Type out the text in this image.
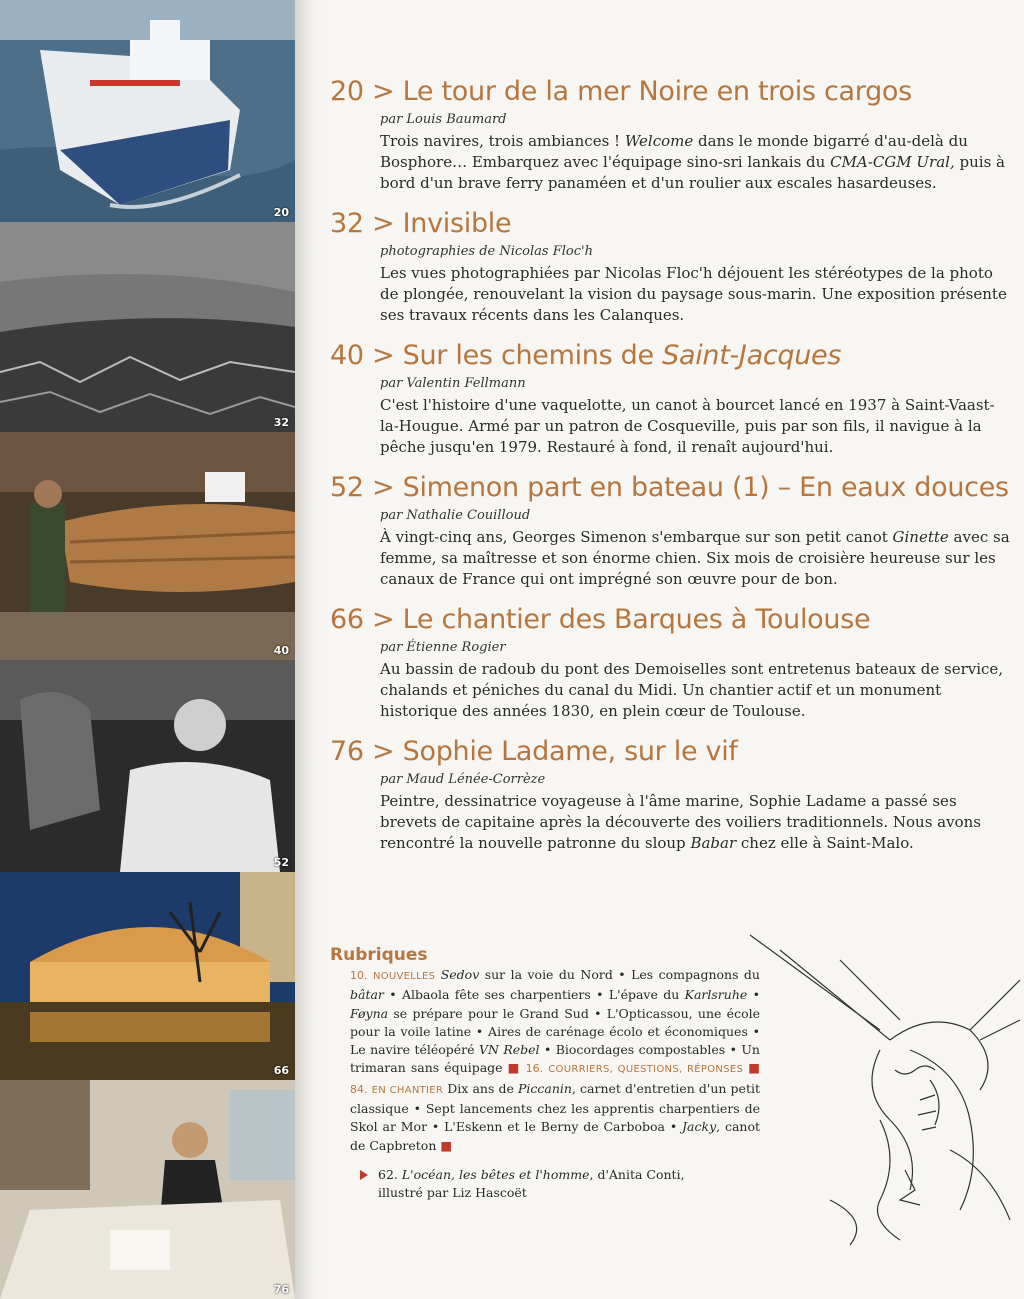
20
32
40
52
66
76
20 > Le tour de la mer Noire en trois cargos

par Louis Baumard

Trois navires, trois ambiances ! Welcome dans le monde bigarré d'au-delà du Bosphore… Embarquez avec l'équipage sino-sri lankais du CMA-CGM Ural, puis à bord d'un brave ferry panaméen et d'un roulier aux escales hasardeuses.

32 > Invisible

photographies de Nicolas Floc'h

Les vues photographiées par Nicolas Floc'h déjouent les stéréotypes de la photo de plongée, renouvelant la vision du paysage sous-marin. Une exposition présente ses travaux récents dans les Calanques.

40 > Sur les chemins de Saint-Jacques

par Valentin Fellmann

C'est l'histoire d'une vaquelotte, un canot à bourcet lancé en 1937 à Saint-Vaast-la-Hougue. Armé par un patron de Cosqueville, puis par son fils, il navigue à la pêche jusqu'en 1979. Restauré à fond, il renaît aujourd'hui.

52 > Simenon part en bateau (1) – En eaux douces

par Nathalie Couilloud

À vingt-cinq ans, Georges Simenon s'embarque sur son petit canot Ginette avec sa femme, sa maîtresse et son énorme chien. Six mois de croisière heureuse sur les canaux de France qui ont imprégné son œuvre pour de bon.

66 > Le chantier des Barques à Toulouse

par Étienne Rogier

Au bassin de radoub du pont des Demoiselles sont entretenus bateaux de service, chalands et péniches du canal du Midi. Un chantier actif et un monument historique des années 1830, en plein cœur de Toulouse.

76 > Sophie Ladame, sur le vif

par Maud Lénée-Corrèze

Peintre, dessinatrice voyageuse à l'âme marine, Sophie Ladame a passé ses brevets de capitaine après la découverte des voiliers traditionnels. Nous avons rencontré la nouvelle patronne du sloup Babar chez elle à Saint-Malo.

Rubriques

10. NOUVELLES Sedov sur la voie du Nord • Les compagnons du bâtar • Albaola fête ses charpentiers • L'épave du Karlsruhe • Føyna se prépare pour le Grand Sud • L'Opticassou, une école pour la voile latine • Aires de carénage écolo et économiques • Le navire téléopéré VN Rebel • Biocordages compostables • Un trimaran sans équipage ■ 16. COURRIERS, QUESTIONS, RÉPONSES ■ 84. EN CHANTIER Dix ans de Piccanin, carnet d'entretien d'un petit classique • Sept lancements chez les apprentis charpentiers de Skol ar Mor • L'Eskenn et le Berny de Carboboa • Jacky, canot de Capbreton ■

62. L'océan, les bêtes et l'homme, d'Anita Conti,
illustré par Liz Hascoët
